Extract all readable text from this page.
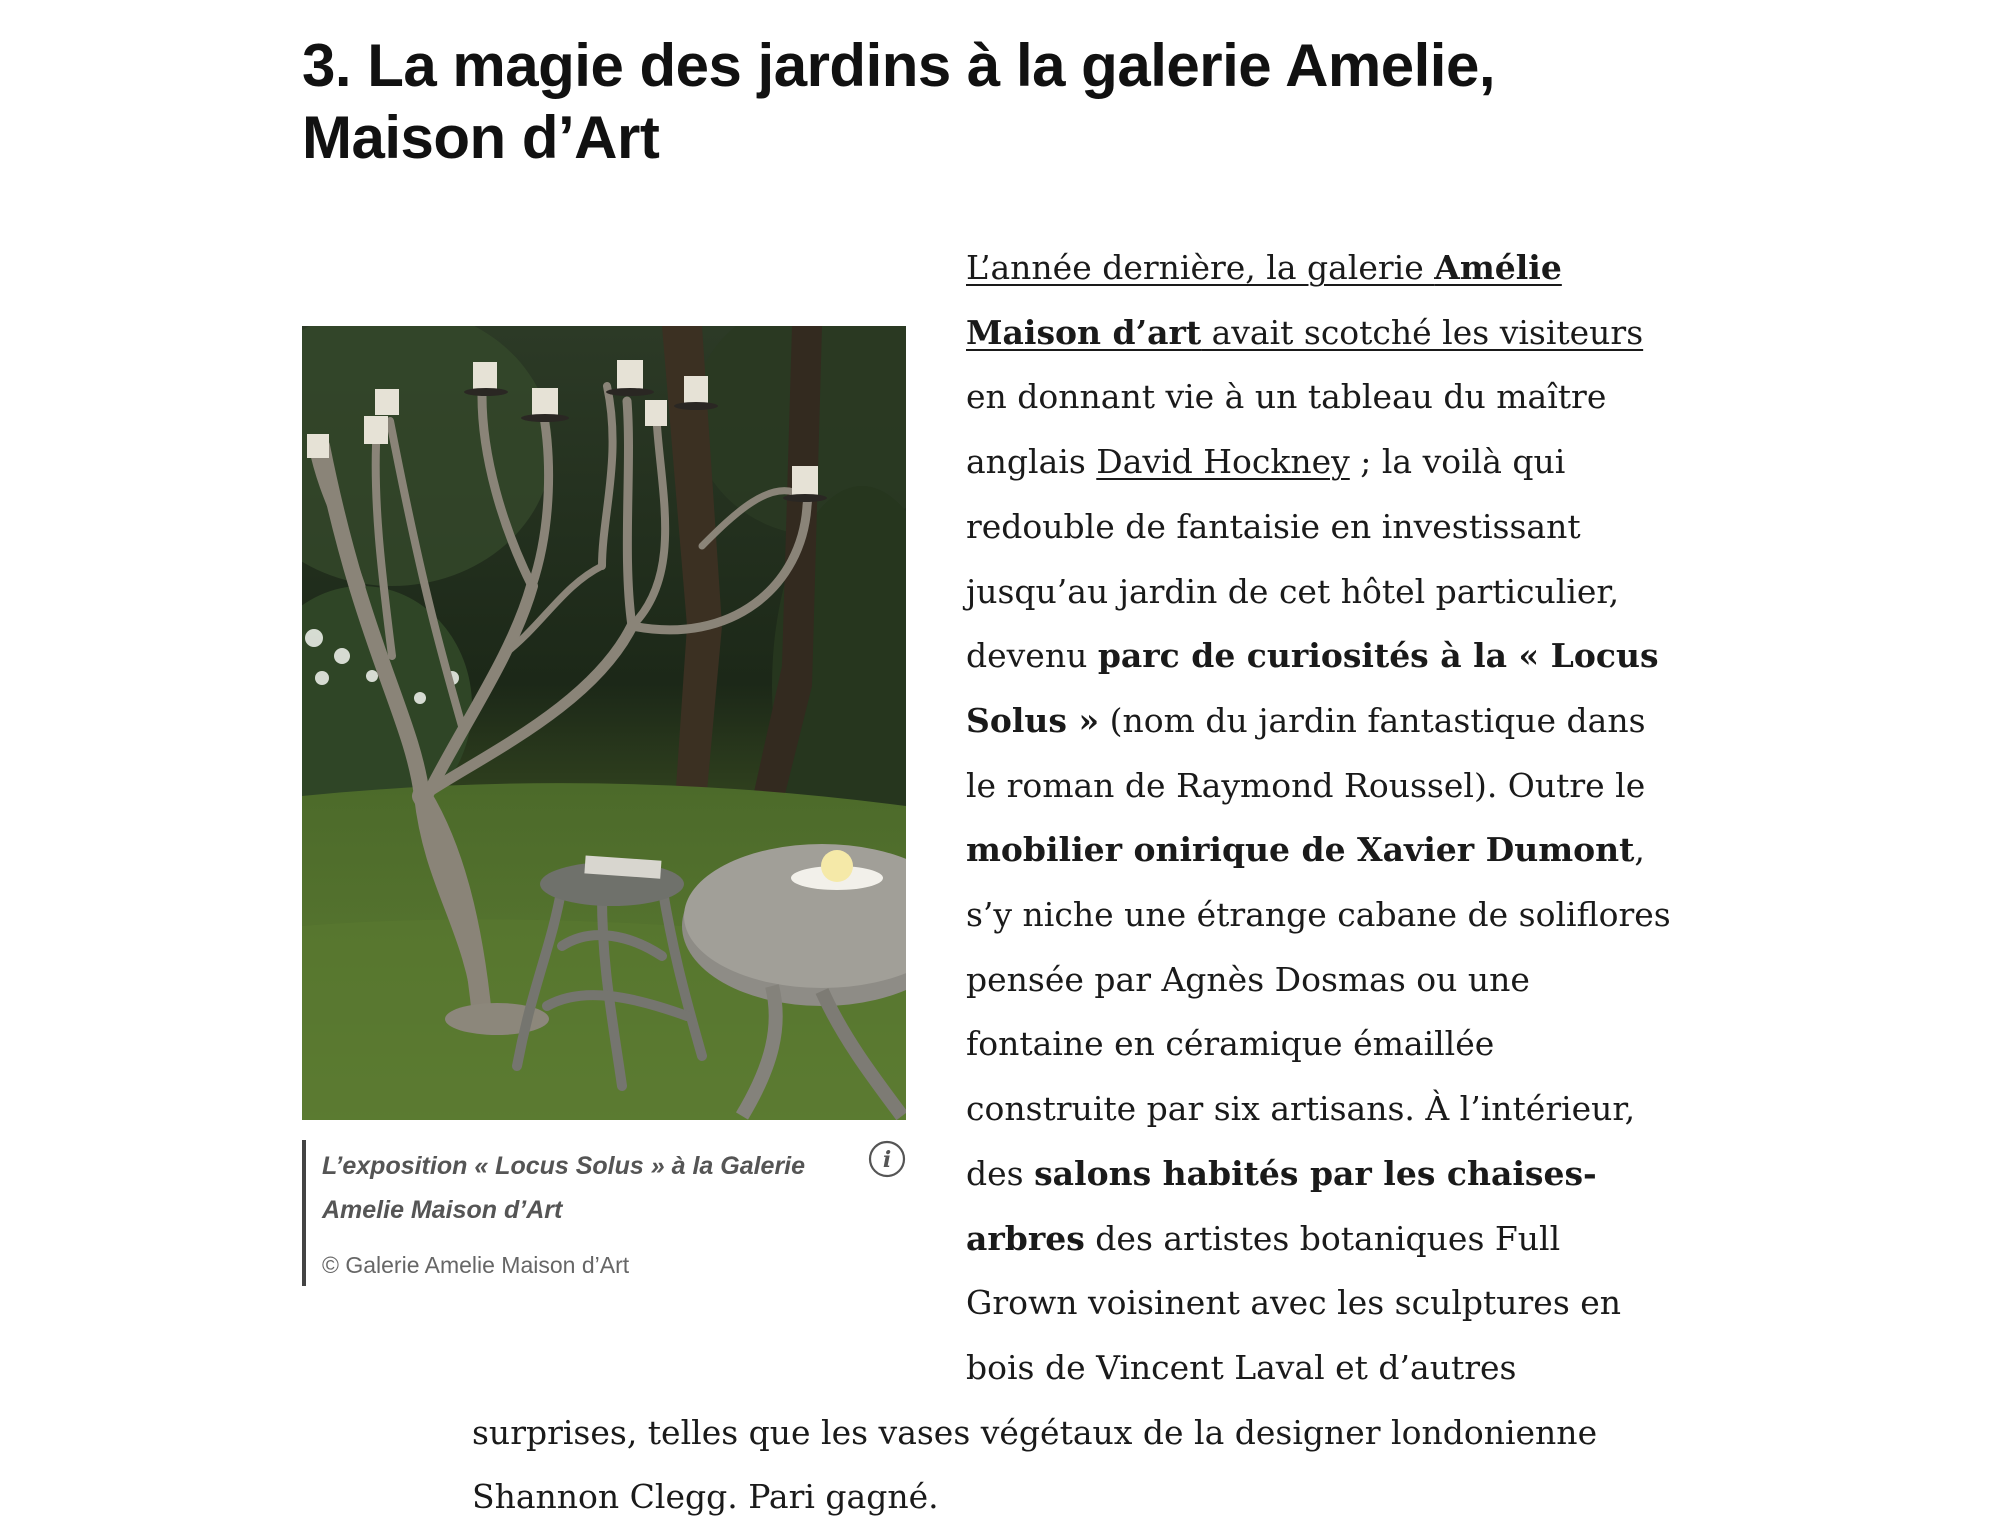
3. La magie des jardins à la galerie Amelie, Maison d’Art

L’exposition « Locus Solus » à la Galerie Amelie Maison d’Art

© Galerie Amelie Maison d’Art
i
L’année dernière, la galerie Amélie
Maison d’art avait scotché les visiteurs
en donnant vie à un tableau du maître
anglais David Hockney ; la voilà qui
redouble de fantaisie en investissant
jusqu’au jardin de cet hôtel particulier,
devenu parc de curiosités à la « Locus
Solus » (nom du jardin fantastique dans
le roman de Raymond Roussel). Outre le
mobilier onirique de Xavier Dumont,
s’y niche une étrange cabane de soliflores
pensée par Agnès Dosmas ou une
fontaine en céramique émaillée
construite par six artisans. À l’intérieur,
des salons habités par les chaises-
arbres des artistes botaniques Full
Grown voisinent avec les sculptures en
bois de Vincent Laval et d’autres
surprises, telles que les vases végétaux de la designer londonienne
Shannon Clegg. Pari gagné.
